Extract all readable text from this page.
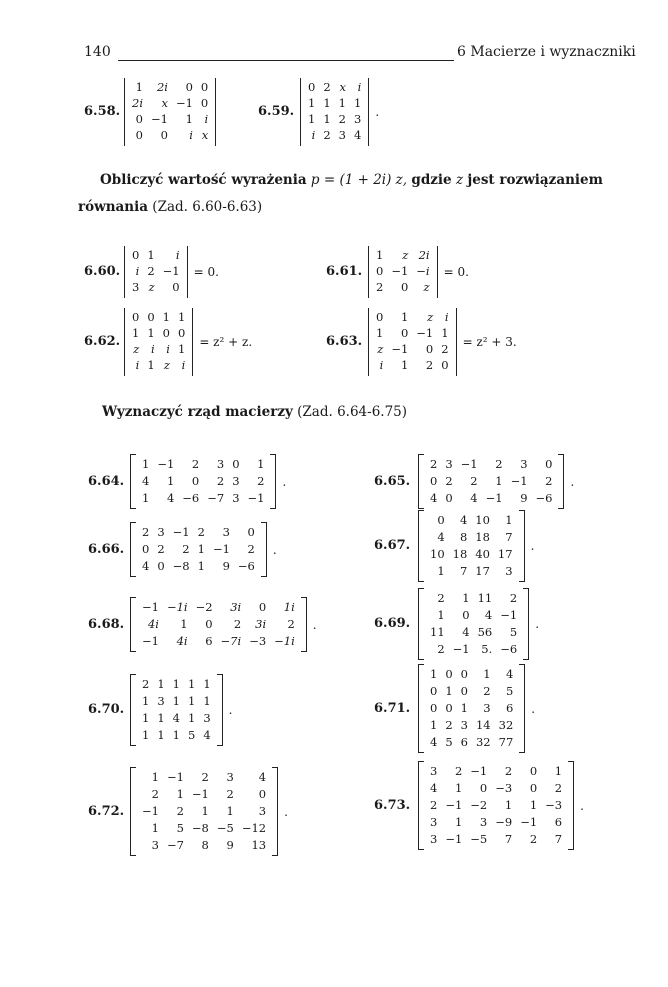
140	6 Macierze i wyznaczniki
Obliczyć wartość wyrażenia p = (1 + 2i) z, gdzie z jest rozwiązaniem
równania (Zad. 6.60-6.63)
Wyznaczyć rząd macierzy (Zad. 6.64-6.75)
6.58.
1	2i	0	0
2i	x	−1	0
0	−1	1	i
0	0	i	x
6.59.
0	2	x	i
1	1	1	1
1	1	2	3
i	2	3	4
.
6.60.
0	1	i
i	2	−1
3	z	0
= 0.	6.61.
1	z	2i
0	−1	−i
2	0	z
= 0.
6.62.
0	0	1	1
1	1	0	0
z	i	i	1
i	1	z	i
= z² + z.	6.63.
0	1	z	i
1	0	−1	1
z	−1	0	2
i	1	2	0
= z² + 3.
6.64.
1	−1	2	3	0	1
4	1	0	2	3	2
1	4	−6	−7	3	−1
.	6.65.
2	3	−1	2	3	0
0	2	2	1	−1	2
4	0	4	−1	9	−6
.
6.66.
2	3	−1	2	3	0
0	2	2	1	−1	2
4	0	−8	1	9	−6
.	6.67.
0	4	10	1
4	8	18	7
10	18	40	17
1	7	17	3
.
6.68.
−1	−1i	−2	3i	0	1i
4i	1	0	2	3i	2
−1	4i	6	−7i	−3	−1i
.	6.69.
2	1	11	2
1	0	4	−1
11	4	56	5
2	−1	5.	−6
.
6.70.
2	1	1	1	1
1	3	1	1	1
1	1	4	1	3
1	1	1	5	4
.	6.71.
1	0	0	1	4
0	1	0	2	5
0	0	1	3	6
1	2	3	14	32
4	5	6	32	77
.
6.72.
1	−1	2	3	4
2	1	−1	2	0
−1	2	1	1	3
1	5	−8	−5	−12
3	−7	8	9	13
.	6.73.
3	2	−1	2	0	1
4	1	0	−3	0	2
2	−1	−2	1	1	−3
3	1	3	−9	−1	6
3	−1	−5	7	2	7
.
